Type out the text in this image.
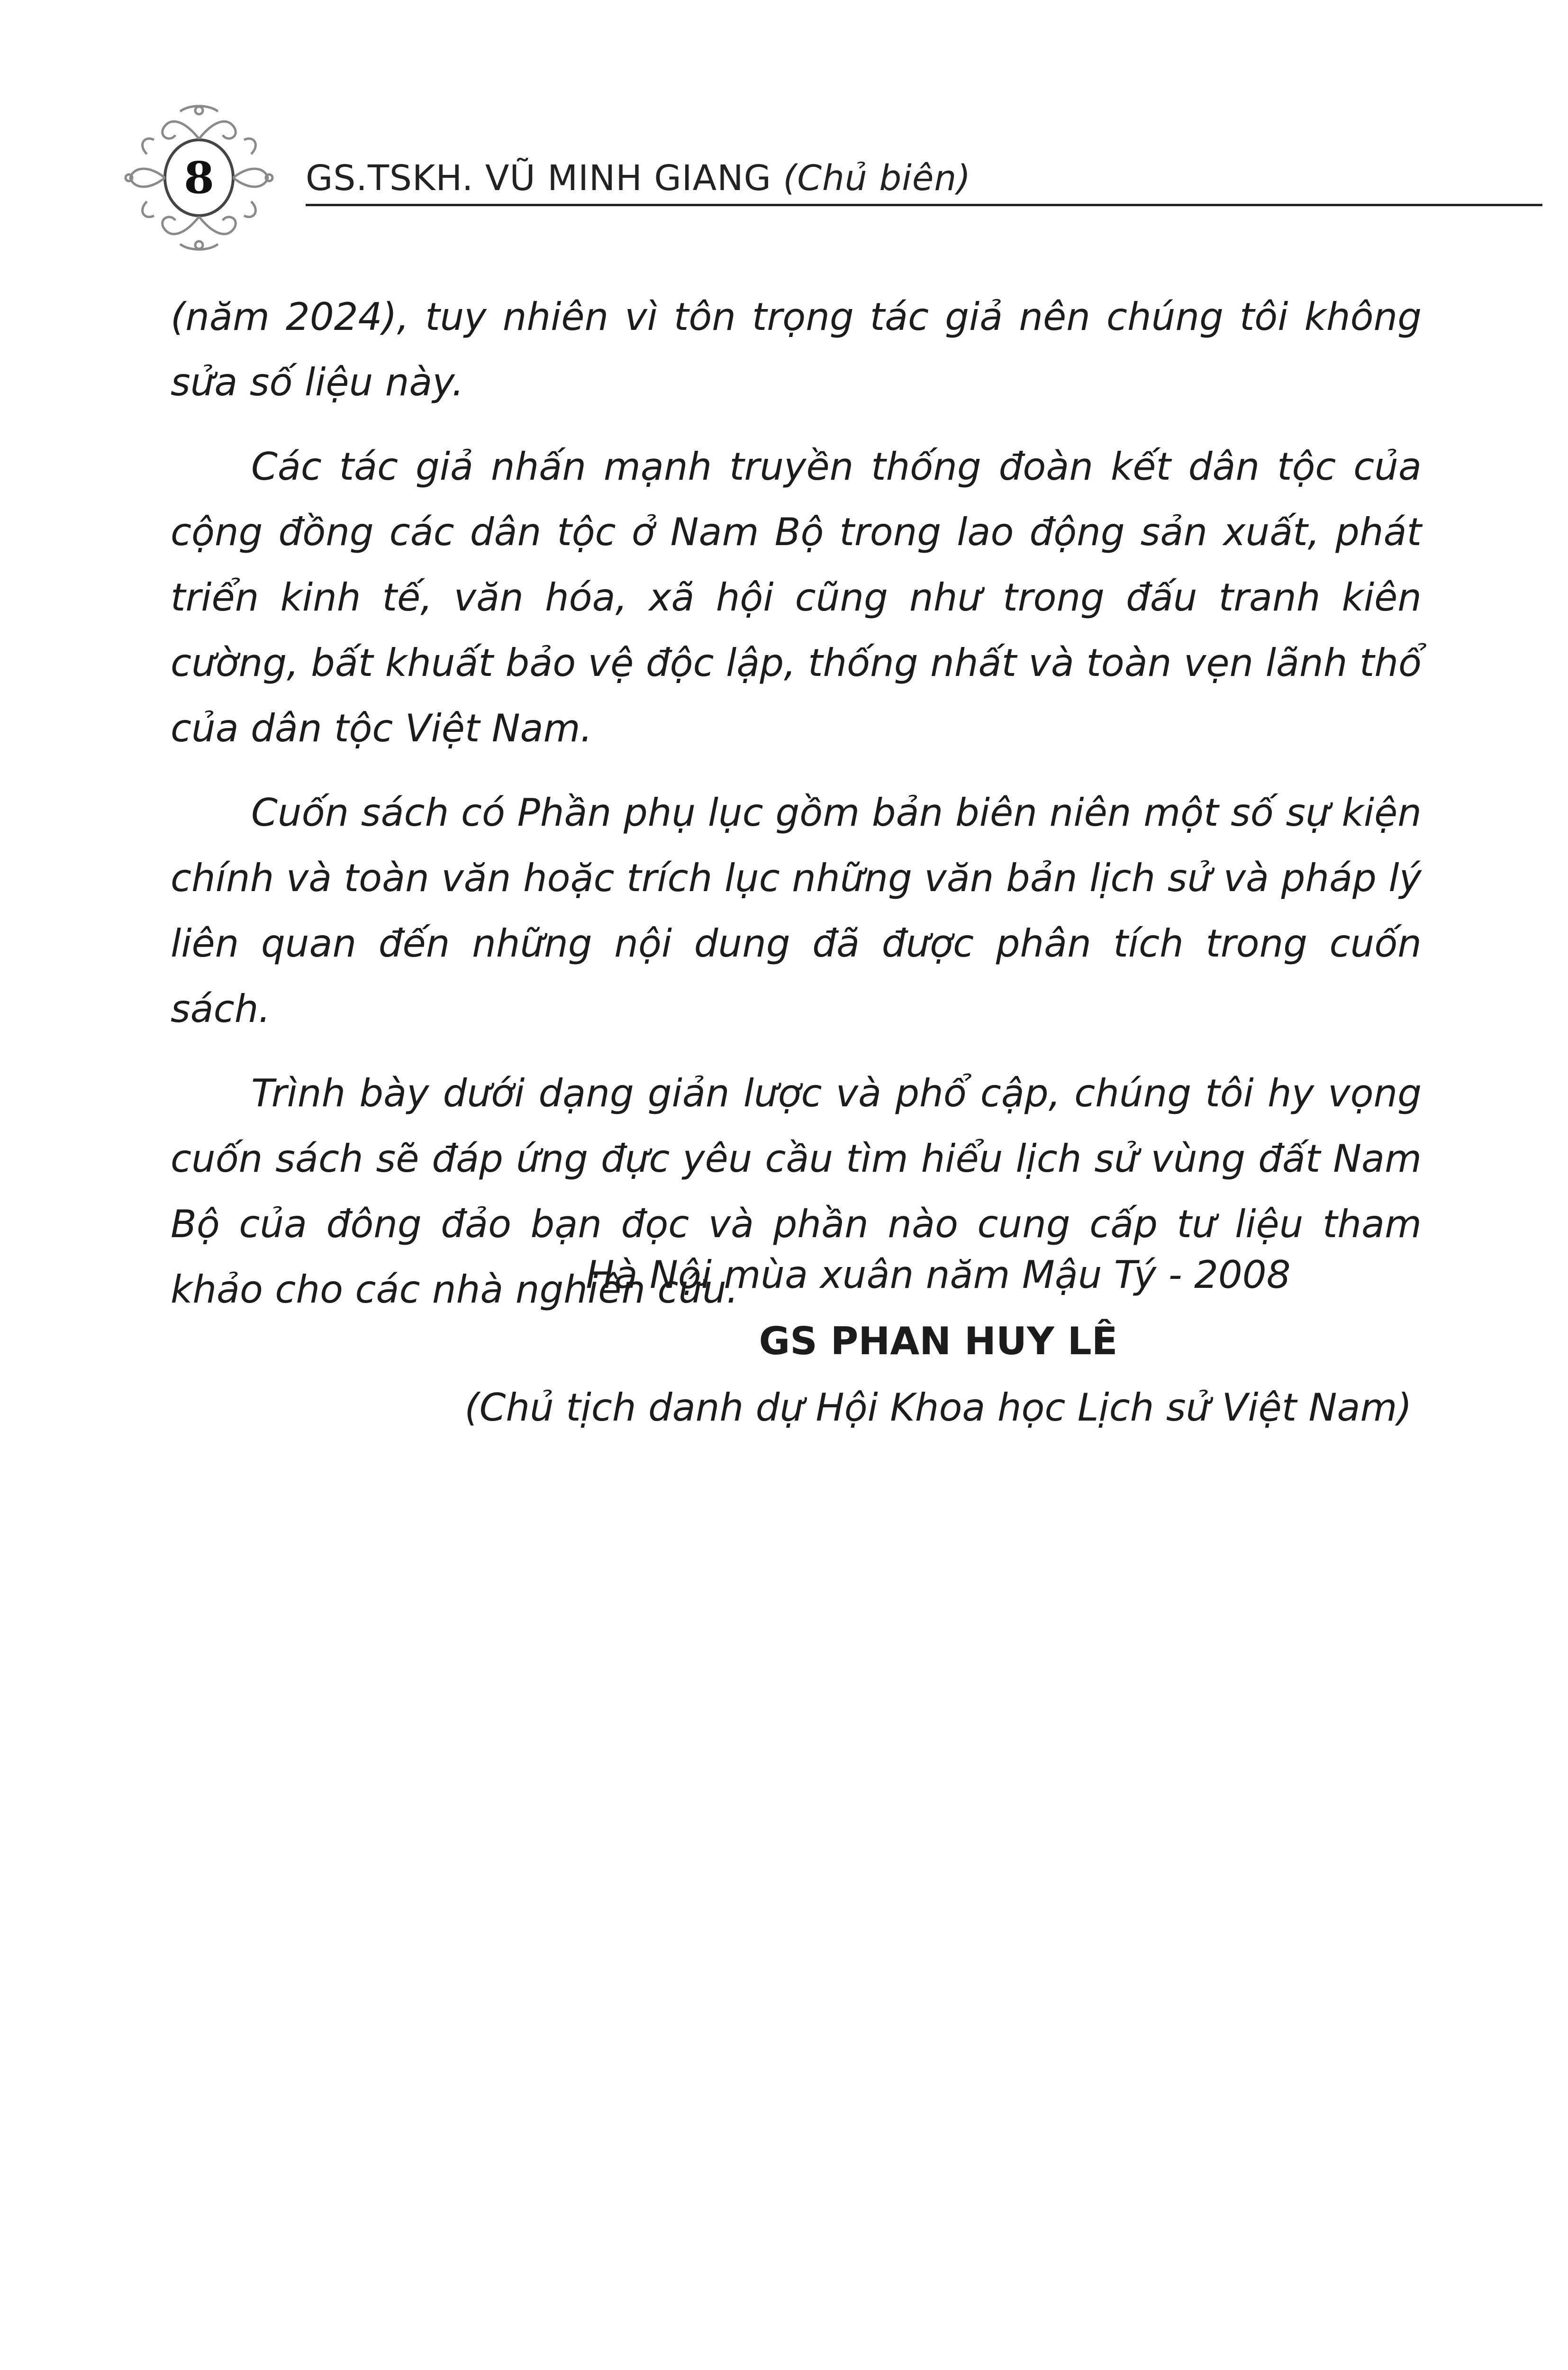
8	GS.TSKH. VŨ MINH GIANG (Chủ biên)

(năm 2024), tuy nhiên vì tôn trọng tác giả nên chúng tôi không sửa số liệu này.

Các tác giả nhấn mạnh truyền thống đoàn kết dân tộc của cộng đồng các dân tộc ở Nam Bộ trong lao động sản xuất, phát triển kinh tế, văn hóa, xã hội cũng như trong đấu tranh kiên cường, bất khuất bảo vệ độc lập, thống nhất và toàn vẹn lãnh thổ của dân tộc Việt Nam.

Cuốn sách có Phần phụ lục gồm bản biên niên một số sự kiện chính và toàn văn hoặc trích lục những văn bản lịch sử và pháp lý liên quan đến những nội dung đã được phân tích trong cuốn sách.

Trình bày dưới dạng giản lược và phổ cập, chúng tôi hy vọng cuốn sách sẽ đáp ứng đực yêu cầu tìm hiểu lịch sử vùng đất Nam Bộ của đông đảo bạn đọc và phần nào cung cấp tư liệu tham khảo cho các nhà nghiên cứu.

Hà Nội mùa xuân năm Mậu Tý - 2008
GS PHAN HUY LÊ
(Chủ tịch danh dự Hội Khoa học Lịch sử Việt Nam)
